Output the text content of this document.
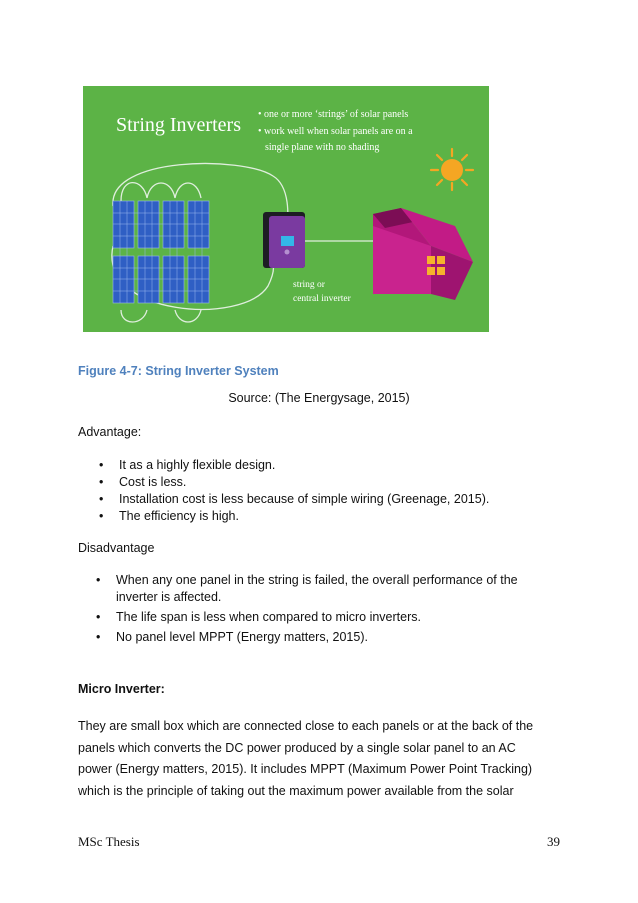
String Inverters • one or more ‘strings’ of solar panels
• work well when solar panels are on a
single plane with no shading
string or
central inverter
Figure 4-7: String Inverter System
Source: (The Energysage, 2015)
Advantage:
• It as a highly flexible design.
• Cost is less.
• Installation cost is less because of simple wiring (Greenage, 2015).
• The efficiency is high.
Disadvantage
• When any one panel in the string is failed, the overall performance of the inverter is affected.
• The life span is less when compared to micro inverters.
• No panel level MPPT (Energy matters, 2015).
Micro Inverter:

They are small box which are connected close to each panels or at the back of the

panels which converts the DC power produced by a single solar panel to an AC

power (Energy matters, 2015). It includes MPPT (Maximum Power Point Tracking)

which is the principle of taking out the maximum power available from the solar

MSc Thesis	39
